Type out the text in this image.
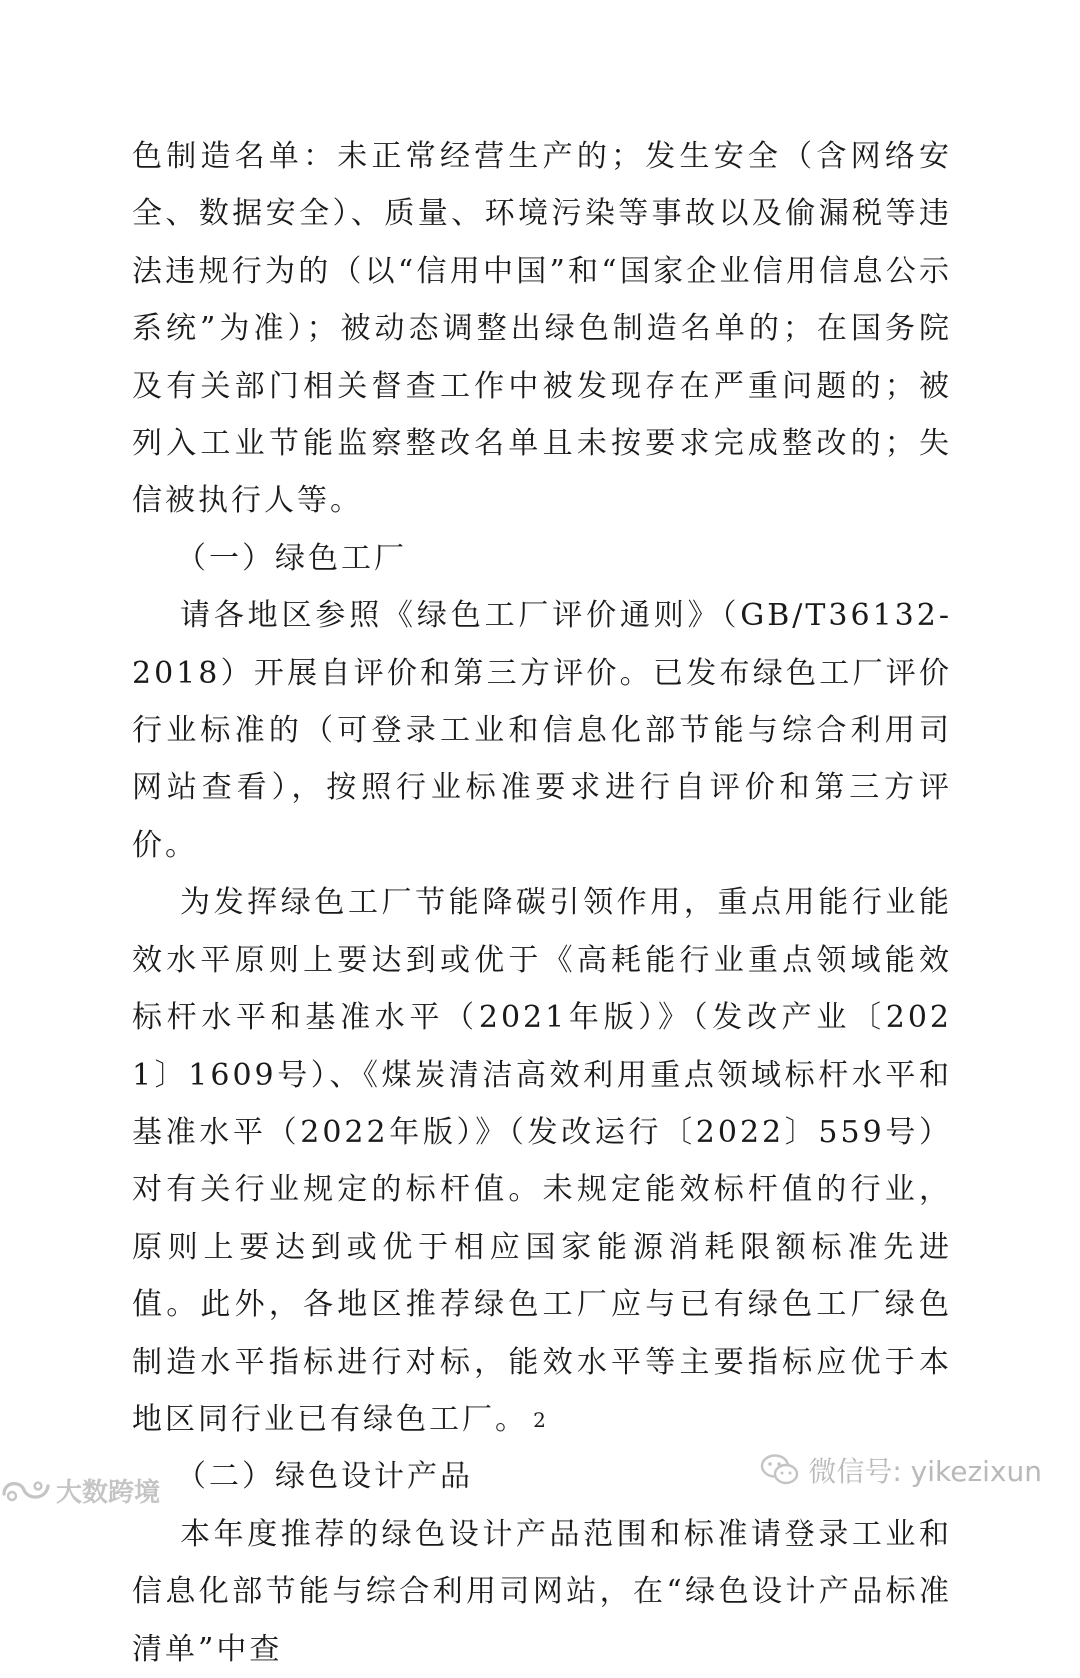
色制造名单：未正常经营生产的；发生安全（含网络安全、数据安全）、质量、环境污染等事故以及偷漏税等违法违规行为的（以“信用中国”和“国家企业信用信息公示系统”为准）；被动态调整出绿色制造名单的；在国务院及有关部门相关督查工作中被发现存在严重问题的；被列入工业节能监察整改名单且未按要求完成整改的；失信被执行人等。

（一）绿色工厂

请各地区参照《绿色工厂评价通则》（GB/T36132-2018）开展自评价和第三方评价。已发布绿色工厂评价行业标准的（可登录工业和信息化部节能与综合利用司网站查看），按照行业标准要求进行自评价和第三方评价。

为发挥绿色工厂节能降碳引领作用，重点用能行业能效水平原则上要达到或优于《高耗能行业重点领域能效标杆水平和基准水平（2021年版）》（发改产业〔2021〕1609号）、《煤炭清洁高效利用重点领域标杆水平和基准水平（2022年版）》（发改运行〔2022〕559号）对有关行业规定的标杆值。未规定能效标杆值的行业，原则上要达到或优于相应国家能源消耗限额标准先进值。此外，各地区推荐绿色工厂应与已有绿色工厂绿色制造水平指标进行对标，能效水平等主要指标应优于本地区同行业已有绿色工厂。

（二）绿色设计产品

本年度推荐的绿色设计产品范围和标准请登录工业和信息化部节能与综合利用司网站，在“绿色设计产品标准清单”中查

2
微信号: yikezixun
大数跨境
